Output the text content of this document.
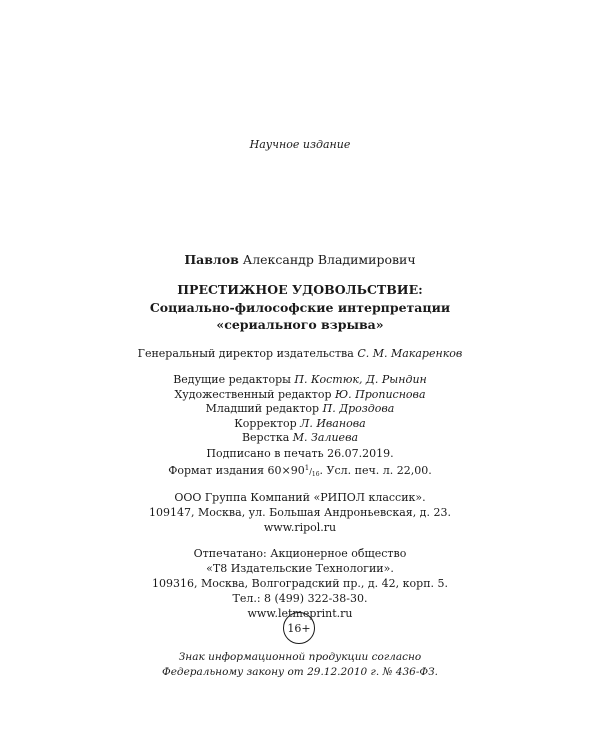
Научное издание
Павлов Александр Владимирович
ПРЕСТИЖНОЕ УДОВОЛЬСТВИЕ:
Социально-философские интерпретации
«сериального взрыва»
Генеральный директор издательства С. М. Макаренков
Ведущие редакторы П. Костюк, Д. Рындин
Художественный редактор Ю. Прописнова
Младший редактор П. Дроздова
Корректор Л. Иванова
Верстка М. Залиева
Подписано в печать 26.07.2019.
Формат издания $60\times 90^1/_{16}$. Усл. печ. л. 22,00.
ООО Группа Компаний «РИПОЛ классик».
109147, Москва, ул. Большая Андроньевская, д. 23.
www.ripol.ru
Отпечатано: Акционерное общество
«Т8 Издательские Технологии».
109316, Москва, Волгоградский пр., д. 42, корп. 5.
Тел.: 8 (499) 322-38-30.
www.letmeprint.ru
16+
Знак информационной продукции согласно
Федеральному закону от 29.12.2010 г. № 436-ФЗ.
